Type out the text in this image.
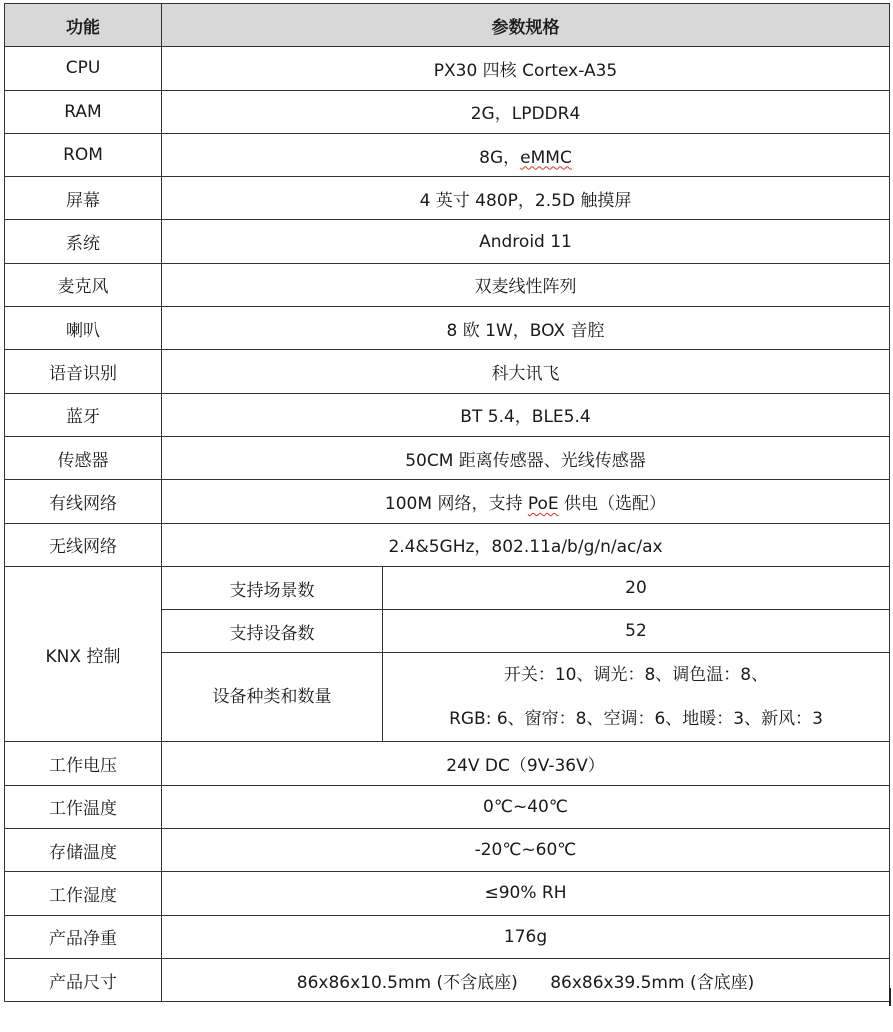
功能	参数规格	
CPU	PX30 四核 Cortex-A35	
RAM	2G，LPDDR4	
ROM	8G，eMMC	
屏幕	4 英寸 480P，2.5D 触摸屏	
系统	Android 11	
麦克风	双麦线性阵列	
喇叭	8 欧 1W，BOX 音腔	
语音识别	科大讯飞	
蓝牙	BT 5.4，BLE5.4	
传感器	50CM 距离传感器、光线传感器	
有线网络	100M 网络，支持 PoE 供电（选配）	
无线网络	2.4&5GHz，802.11a/b/g/n/ac/ax	
KNX 控制	支持场景数	20
	支持设备数	52
	设备种类和数量	开关：10、调光：8、调色温：8、
RGB: 6、窗帘：8、空调：6、地暖：3、新风：3

工作电压	24V DC（9V-36V）	
工作温度	0℃~40℃	
存储温度	-20℃~60℃	
工作湿度	≤90% RH	
产品净重	176g	
产品尺寸	86x86x10.5mm (不含底座)      86x86x39.5mm (含底座)	
